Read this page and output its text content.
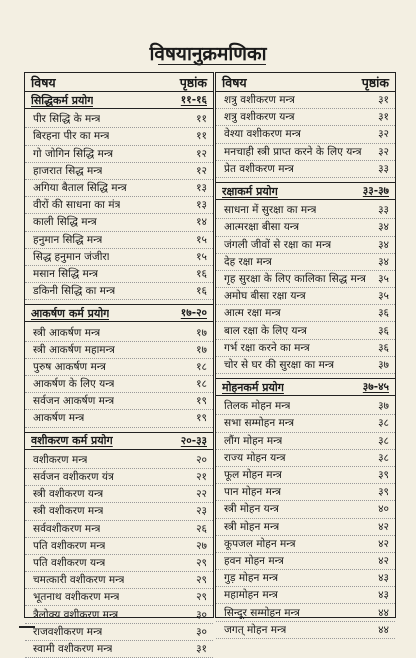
विषयानुक्रमणिका
विषय	पृष्ठांक
सिद्धिकर्म प्रयोग	११-१६
पीर सिद्धि के मन्त्र	११
बिरहना पीर का मन्त्र	११
गो जोगिन सिद्धि मन्त्र	१२
हाजरात सिद्ध मन्त्र	१२
अगिया बैताल सिद्धि मन्त्र	१३
वीरों की साधना का मंत्र	१३
काली सिद्धि मन्त्र	१४
हनुमान सिद्धि मन्त्र	१५
सिद्ध हनुमान जंजीरा	१५
मसान सिद्धि मन्त्र	१६
डकिनी सिद्धि का मन्त्र	१६
आकर्षण कर्म प्रयोग	१७-२०
स्त्री आकर्षण मन्त्र	१७
स्त्री आकर्षण महामन्त्र	१७
पुरुष आकर्षण मन्त्र	१८
आकर्षण के लिए यन्त्र	१८
सर्वजन आकर्षण मन्त्र	१९
आकर्षण मन्त्र	१९
वशीकरण कर्म प्रयोग	२०-३३
वशीकरण मन्त्र	२०
सर्वजन वशीकरण यंत्र	२१
स्त्री वशीकरण यन्त्र	२२
स्त्री वशीकरण मन्त्र	२३
सर्ववशीकरण मन्त्र	२६
पति वशीकरण मन्त्र	२७
पति वशीकरण यन्त्र	२९
चमत्कारी वशीकरण मन्त्र	२९
भूतनाथ वशीकरण मन्त्र	२९
त्रैलोक्य वशीकरण मन्त्र	३०
राजवशीकरण मन्त्र	३०
स्वामी वशीकरण मन्त्र	३१
विषय	पृष्ठांक
शत्रु वशीकरण मन्त्र	३१
शत्रु वशीकरण यन्त्र	३१
वेश्या वशीकरण मन्त्र	३२
मनचाही स्त्री प्राप्त करने के लिए यन्त्र	३२
प्रेत वशीकरण मन्त्र	३३
रक्षाकर्म प्रयोग	३३-३७
साधना में सुरक्षा का मन्त्र	३३
आत्मरक्षा बीसा यन्त्र	३४
जंगली जीवों से रक्षा का मन्त्र	३४
देह रक्षा मन्त्र	३४
गृह सुरक्षा के लिए कालिका सिद्ध मन्त्र	३५
अमोघ बीसा रक्षा यन्त्र	३५
आत्म रक्षा मन्त्र	३६
बाल रक्षा के लिए यन्त्र	३६
गर्भ रक्षा करने का मन्त्र	३६
चोर से घर की सुरक्षा का मन्त्र	३७
मोहनकर्म प्रयोग	३७-४५
तिलक मोहन मन्त्र	३७
सभा सम्मोहन मन्त्र	३८
लौंग मोहन मन्त्र	३८
राज्य मोहन यन्त्र	३८
फूल मोहन मन्त्र	३९
पान मोहन मन्त्र	३९
स्त्री मोहन यन्त्र	४०
स्त्री मोहन मन्त्र	४२
कूपजल मोहन मन्त्र	४२
हवन मोहन मन्त्र	४२
गुड़ मोहन मन्त्र	४३
महामोहन मन्त्र	४३
सिन्दूर सम्मोहन मन्त्र	४४
जगत् मोहन मन्त्र	४४
